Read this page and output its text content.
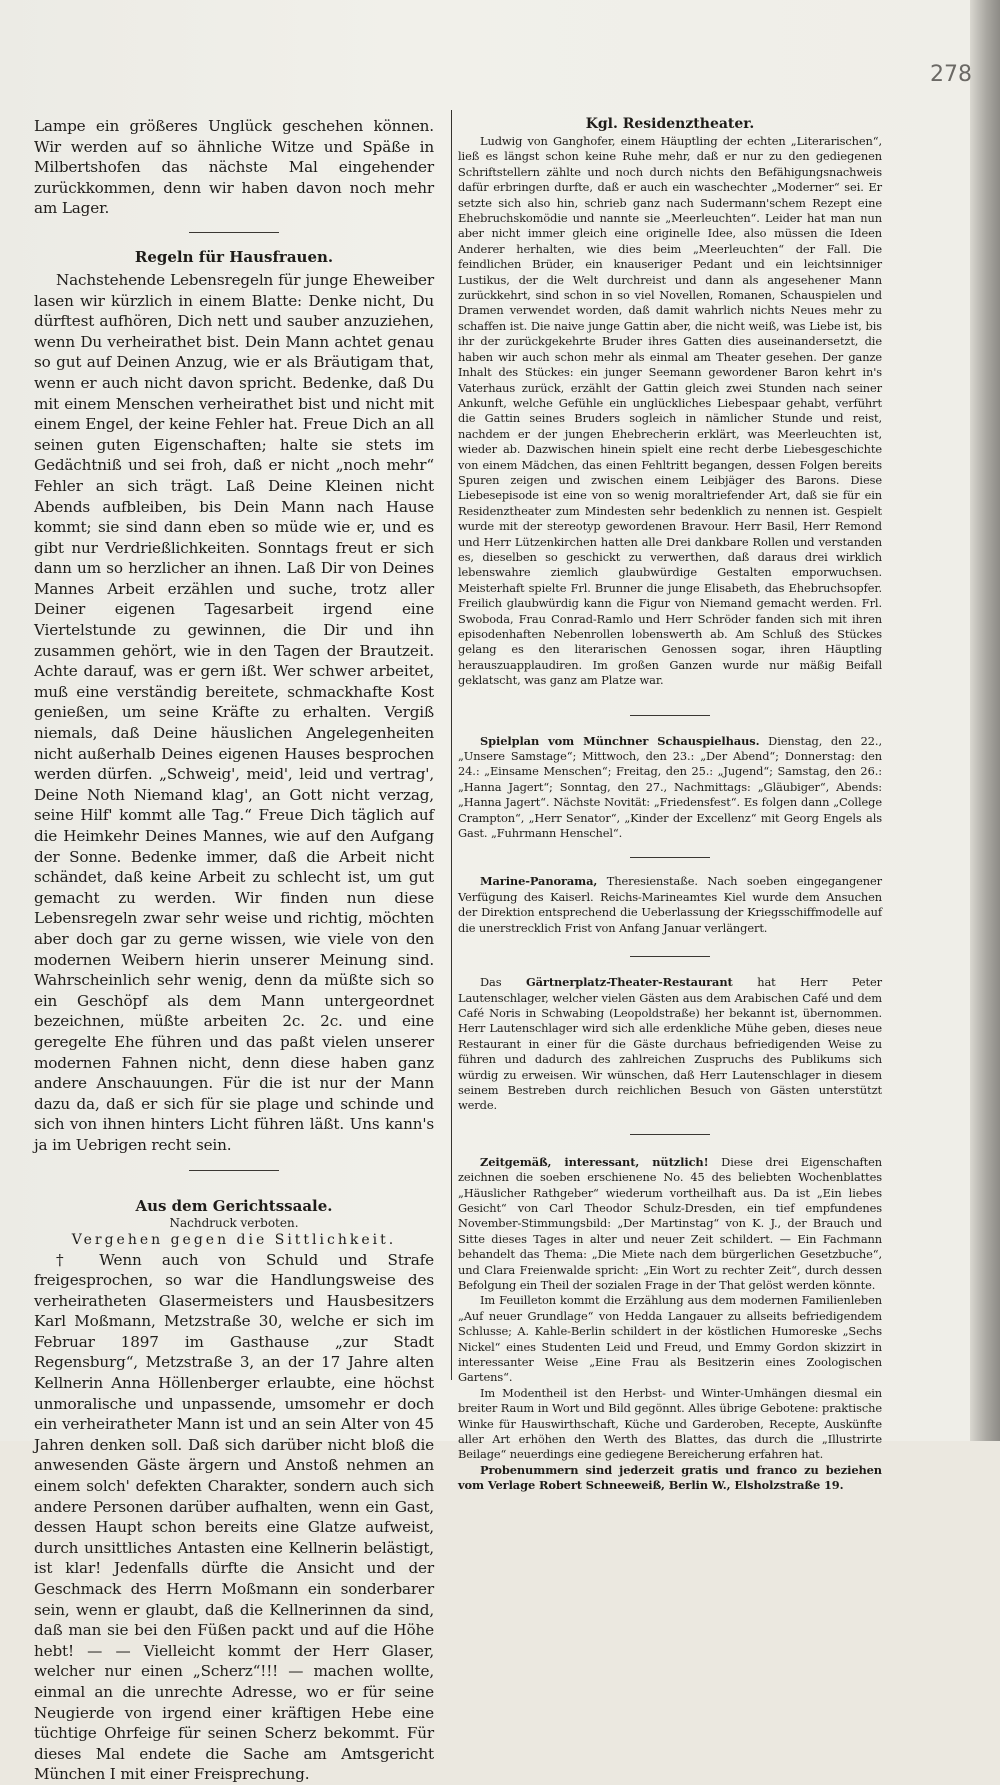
278

Lampe ein größeres Unglück geschehen können. Wir werden auf so ähnliche Witze und Späße in Milbertshofen das nächste Mal eingehender zurückkommen, denn wir haben davon noch mehr am Lager.

Regeln für Hausfrauen.

Nachstehende Lebensregeln für junge Eheweiber lasen wir kürzlich in einem Blatte: Denke nicht, Du dürftest aufhören, Dich nett und sauber anzuziehen, wenn Du verheirathet bist. Dein Mann achtet genau so gut auf Deinen Anzug, wie er als Bräutigam that, wenn er auch nicht davon spricht. Bedenke, daß Du mit einem Menschen verheirathet bist und nicht mit einem Engel, der keine Fehler hat. Freue Dich an all seinen guten Eigenschaften; halte sie stets im Gedächtniß und sei froh, daß er nicht „noch mehr“ Fehler an sich trägt. Laß Deine Kleinen nicht Abends aufbleiben, bis Dein Mann nach Hause kommt; sie sind dann eben so müde wie er, und es gibt nur Verdrießlichkeiten. Sonntags freut er sich dann um so herzlicher an ihnen. Laß Dir von Deines Mannes Arbeit erzählen und suche, trotz aller Deiner eigenen Tagesarbeit irgend eine Viertelstunde zu gewinnen, die Dir und ihn zusammen gehört, wie in den Tagen der Brautzeit. Achte darauf, was er gern ißt. Wer schwer arbeitet, muß eine verständig bereitete, schmackhafte Kost genießen, um seine Kräfte zu erhalten. Vergiß niemals, daß Deine häuslichen Angelegenheiten nicht außerhalb Deines eigenen Hauses besprochen werden dürfen. „Schweig', meid', leid und vertrag', Deine Noth Niemand klag', an Gott nicht verzag, seine Hilf' kommt alle Tag.“ Freue Dich täglich auf die Heimkehr Deines Mannes, wie auf den Aufgang der Sonne. Bedenke immer, daß die Arbeit nicht schändet, daß keine Arbeit zu schlecht ist, um gut gemacht zu werden. Wir finden nun diese Lebensregeln zwar sehr weise und richtig, möchten aber doch gar zu gerne wissen, wie viele von den modernen Weibern hierin unserer Meinung sind. Wahrscheinlich sehr wenig, denn da müßte sich so ein Geschöpf als dem Mann untergeordnet bezeichnen, müßte arbeiten 2c. 2c. und eine geregelte Ehe führen und das paßt vielen unserer modernen Fahnen nicht, denn diese haben ganz andere Anschauungen. Für die ist nur der Mann dazu da, daß er sich für sie plage und schinde und sich von ihnen hinters Licht führen läßt. Uns kann's ja im Uebrigen recht sein.

Aus dem Gerichtssaale.

Nachdruck verboten.

Vergehen gegen die Sittlichkeit.

† Wenn auch von Schuld und Strafe freigesprochen, so war die Handlungsweise des verheiratheten Glasermeisters und Hausbesitzers Karl Moßmann, Metzstraße 30, welche er sich im Februar 1897 im Gasthause „zur Stadt Regensburg“, Metzstraße 3, an der 17 Jahre alten Kellnerin Anna Höllenberger erlaubte, eine höchst unmoralische und unpassende, umsomehr er doch ein verheiratheter Mann ist und an sein Alter von 45 Jahren denken soll. Daß sich darüber nicht bloß die anwesenden Gäste ärgern und Anstoß nehmen an einem solch' defekten Charakter, sondern auch sich andere Personen darüber aufhalten, wenn ein Gast, dessen Haupt schon bereits eine Glatze aufweist, durch unsittliches Antasten eine Kellnerin belästigt, ist klar! Jedenfalls dürfte die Ansicht und der Geschmack des Herrn Moßmann ein sonderbarer sein, wenn er glaubt, daß die Kellnerinnen da sind, daß man sie bei den Füßen packt und auf die Höhe hebt! — — Vielleicht kommt der Herr Glaser, welcher nur einen „Scherz“!!! — machen wollte, einmal an die unrechte Adresse, wo er für seine Neugierde von irgend einer kräftigen Hebe eine tüchtige Ohrfeige für seinen Scherz bekommt. Für dieses Mal endete die Sache am Amtsgericht München I mit einer Freisprechung.

Kgl. Residenztheater.

Ludwig von Ganghofer, einem Häuptling der echten „Literarischen“, ließ es längst schon keine Ruhe mehr, daß er nur zu den gediegenen Schriftstellern zählte und noch durch nichts den Befähigungsnachweis dafür erbringen durfte, daß er auch ein waschechter „Moderner“ sei. Er setzte sich also hin, schrieb ganz nach Sudermann'schem Rezept eine Ehebruchskomödie und nannte sie „Meerleuchten“. Leider hat man nun aber nicht immer gleich eine originelle Idee, also müssen die Ideen Anderer herhalten, wie dies beim „Meerleuchten“ der Fall. Die feindlichen Brüder, ein knauseriger Pedant und ein leichtsinniger Lustikus, der die Welt durchreist und dann als angesehener Mann zurückkehrt, sind schon in so viel Novellen, Romanen, Schauspielen und Dramen verwendet worden, daß damit wahrlich nichts Neues mehr zu schaffen ist. Die naive junge Gattin aber, die nicht weiß, was Liebe ist, bis ihr der zurückgekehrte Bruder ihres Gatten dies auseinandersetzt, die haben wir auch schon mehr als einmal am Theater gesehen. Der ganze Inhalt des Stückes: ein junger Seemann gewordener Baron kehrt in's Vaterhaus zurück, erzählt der Gattin gleich zwei Stunden nach seiner Ankunft, welche Gefühle ein unglückliches Liebespaar gehabt, verführt die Gattin seines Bruders sogleich in nämlicher Stunde und reist, nachdem er der jungen Ehebrecherin erklärt, was Meerleuchten ist, wieder ab. Dazwischen hinein spielt eine recht derbe Liebesgeschichte von einem Mädchen, das einen Fehltritt begangen, dessen Folgen bereits Spuren zeigen und zwischen einem Leibjäger des Barons. Diese Liebesepisode ist eine von so wenig moraltriefender Art, daß sie für ein Residenztheater zum Mindesten sehr bedenklich zu nennen ist. Gespielt wurde mit der stereotyp gewordenen Bravour. Herr Basil, Herr Remond und Herr Lützenkirchen hatten alle Drei dankbare Rollen und verstanden es, dieselben so geschickt zu verwerthen, daß daraus drei wirklich lebenswahre ziemlich glaubwürdige Gestalten emporwuchsen. Meisterhaft spielte Frl. Brunner die junge Elisabeth, das Ehebruchsopfer. Freilich glaubwürdig kann die Figur von Niemand gemacht werden. Frl. Swoboda, Frau Conrad-Ramlo und Herr Schröder fanden sich mit ihren episodenhaften Nebenrollen lobenswerth ab. Am Schluß des Stückes gelang es den literarischen Genossen sogar, ihren Häuptling herauszuapplaudiren. Im großen Ganzen wurde nur mäßig Beifall geklatscht, was ganz am Platze war.

Spielplan vom Münchner Schauspielhaus. Dienstag, den 22., „Unsere Samstage“; Mittwoch, den 23.: „Der Abend“; Donnerstag: den 24.: „Einsame Menschen“; Freitag, den 25.: „Jugend“; Samstag, den 26.: „Hanna Jagert“; Sonntag, den 27., Nachmittags: „Gläubiger“, Abends: „Hanna Jagert“. Nächste Novität: „Friedensfest“. Es folgen dann „College Crampton“, „Herr Senator“, „Kinder der Excellenz“ mit Georg Engels als Gast. „Fuhrmann Henschel“.

Marine-Panorama, Theresienstaße. Nach soeben eingegangener Verfügung des Kaiserl. Reichs-Marineamtes Kiel wurde dem Ansuchen der Direktion entsprechend die Ueberlassung der Kriegsschiffmodelle auf die unerstrecklich Frist von Anfang Januar verlängert.

Das Gärtnerplatz-Theater-Restaurant hat Herr Peter Lautenschlager, welcher vielen Gästen aus dem Arabischen Café und dem Café Noris in Schwabing (Leopoldstraße) her bekannt ist, übernommen. Herr Lautenschlager wird sich alle erdenkliche Mühe geben, dieses neue Restaurant in einer für die Gäste durchaus befriedigenden Weise zu führen und dadurch des zahlreichen Zuspruchs des Publikums sich würdig zu erweisen. Wir wünschen, daß Herr Lautenschlager in diesem seinem Bestreben durch reichlichen Besuch von Gästen unterstützt werde.

Zeitgemäß, interessant, nützlich! Diese drei Eigenschaften zeichnen die soeben erschienene No. 45 des beliebten Wochenblattes „Häuslicher Rathgeber“ wiederum vortheilhaft aus. Da ist „Ein liebes Gesicht“ von Carl Theodor Schulz-Dresden, ein tief empfundenes November-Stimmungsbild: „Der Martinstag“ von K. J., der Brauch und Sitte dieses Tages in alter und neuer Zeit schildert. — Ein Fachmann behandelt das Thema: „Die Miete nach dem bürgerlichen Gesetzbuche“, und Clara Freienwalde spricht: „Ein Wort zu rechter Zeit“, durch dessen Befolgung ein Theil der sozialen Frage in der That gelöst werden könnte.

Im Feuilleton kommt die Erzählung aus dem modernen Familienleben „Auf neuer Grundlage“ von Hedda Langauer zu allseits befriedigendem Schlusse; A. Kahle-Berlin schildert in der köstlichen Humoreske „Sechs Nickel“ eines Studenten Leid und Freud, und Emmy Gordon skizzirt in interessanter Weise „Eine Frau als Besitzerin eines Zoologischen Gartens“.

Im Modentheil ist den Herbst- und Winter-Umhängen diesmal ein breiter Raum in Wort und Bild gegönnt. Alles übrige Gebotene: praktische Winke für Hauswirthschaft, Küche und Garderoben, Recepte, Auskünfte aller Art erhöhen den Werth des Blattes, das durch die „Illustrirte Beilage“ neuerdings eine gediegene Bereicherung erfahren hat.

Probenummern sind jederzeit gratis und franco zu beziehen vom Verlage Robert Schneeweiß, Berlin W., Elsholzstraße 19.
